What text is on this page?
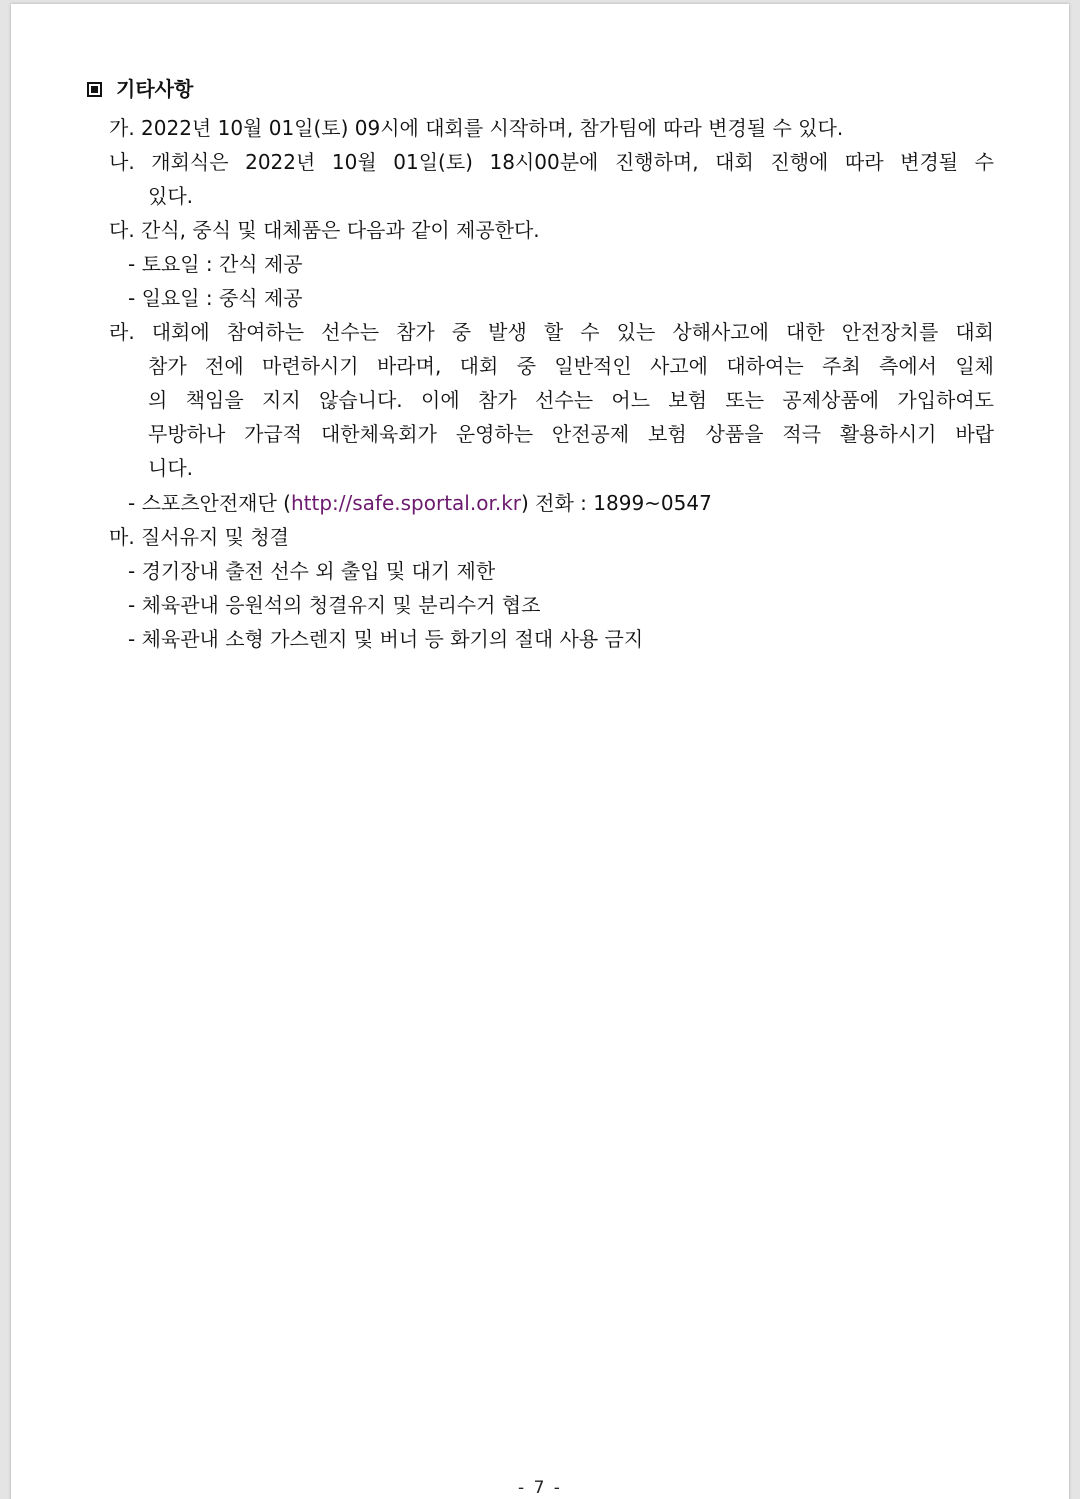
기타사항
가. 2022년 10월 01일(토) 09시에 대회를 시작하며, 참가팀에 따라 변경될 수 있다.
나. 개회식은 2022년 10월 01일(토) 18시00분에 진행하며, 대회 진행에 따라 변경될 수
있다.
다. 간식, 중식 및 대체품은 다음과 같이 제공한다.
- 토요일 : 간식 제공
- 일요일 : 중식 제공
라. 대회에 참여하는 선수는 참가 중 발생 할 수 있는 상해사고에 대한 안전장치를 대회
참가 전에 마련하시기 바라며, 대회 중 일반적인 사고에 대하여는 주최 측에서 일체
의 책임을 지지 않습니다. 이에 참가 선수는 어느 보험 또는 공제상품에 가입하여도
무방하나 가급적 대한체육회가 운영하는 안전공제 보험 상품을 적극 활용하시기 바랍
니다.
- 스포츠안전재단 (http://safe.sportal.or.kr) 전화 : 1899~0547
마. 질서유지 및 청결
- 경기장내 출전 선수 외 출입 및 대기 제한
- 체육관내 응원석의 청결유지 및 분리수거 협조
- 체육관내 소형 가스렌지 및 버너 등 화기의 절대 사용 금지
- 7 -
